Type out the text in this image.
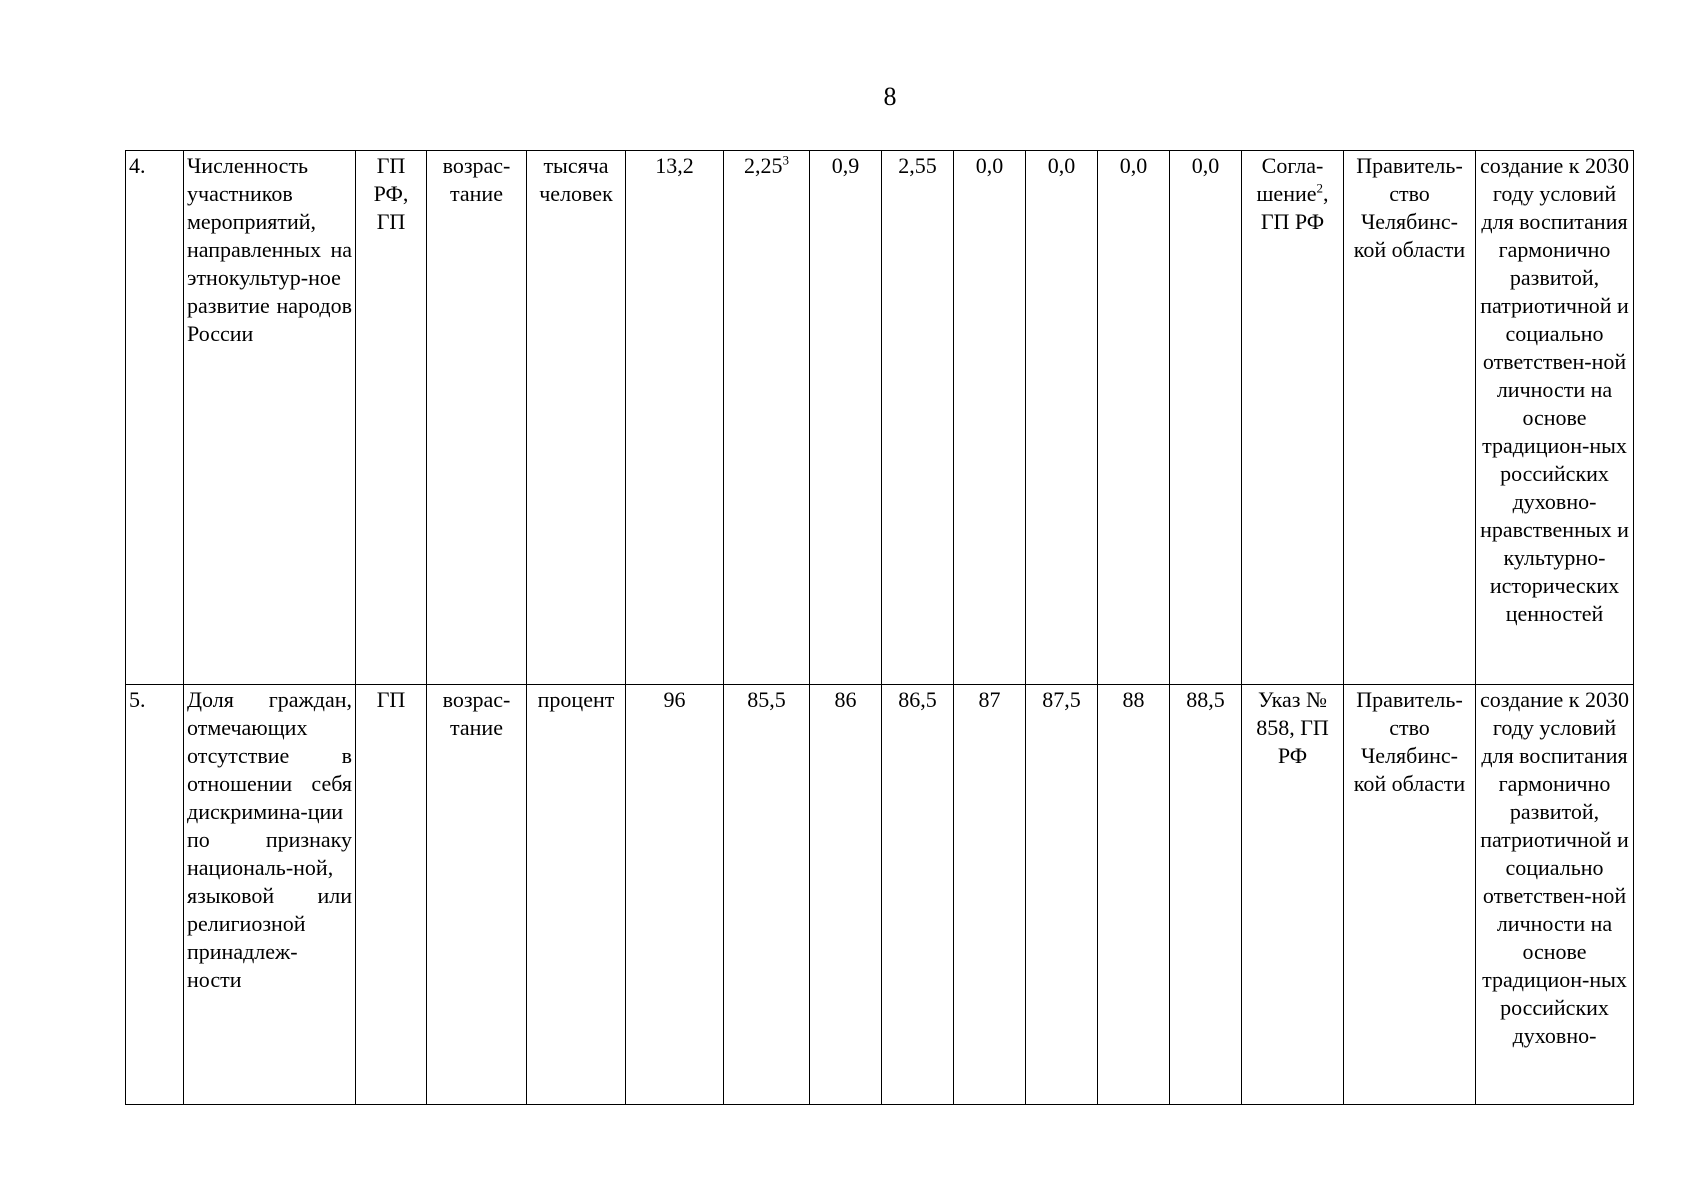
8
4.	Численность участников мероприятий, направленных на этнокультур-ное развитие народов России	ГП РФ, ГП	возрас-тание	тысяча человек	13,2	2,25$^3$	0,9	2,55	0,0	0,0	0,0	0,0	Согла-шение$^2$, ГП РФ	Правитель-ство Челябинс-кой области	создание к 2030 году условий для воспитания гармонично развитой, патриотичной и социально ответствен-ной личности на основе традицион-ных российских духовно-нравственных и культурно-исторических ценностей
5.	Доля граждан, отмечающих отсутствие в отношении себя дискримина-ции по признаку националь-ной, языковой или религиозной принадлеж-ности	ГП	возрас-тание	процент	96	85,5	86	86,5	87	87,5	88	88,5	Указ № 858, ГП РФ	Правитель-ство Челябинс-кой области	создание к 2030 году условий для воспитания гармонично развитой, патриотичной и социально ответствен-ной личности на основе традицион-ных российских духовно-
